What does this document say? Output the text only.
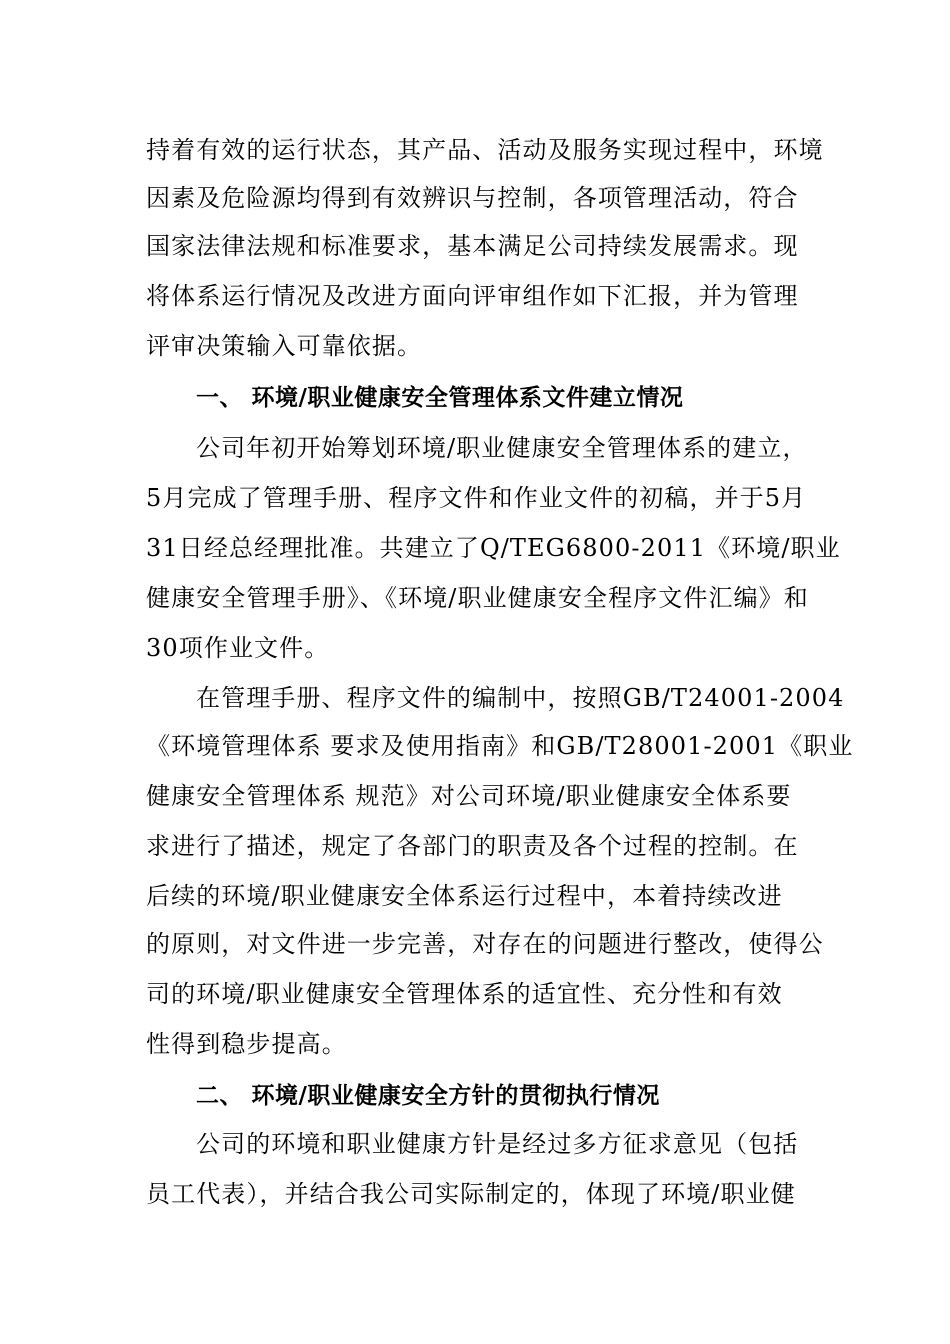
持着有效的运行状态，其产品、活动及服务实现过程中，环境
因素及危险源均得到有效辨识与控制，各项管理活动，符合
国家法律法规和标准要求，基本满足公司持续发展需求。现
将体系运行情况及改进方面向评审组作如下汇报，并为管理
评审决策输入可靠依据。
一、 环境/职业健康安全管理体系文件建立情况
公司年初开始筹划环境/职业健康安全管理体系的建立，
5月完成了管理手册、程序文件和作业文件的初稿，并于5月
31日经总经理批准。共建立了Q/TEG6800-2011《环境/职业
健康安全管理手册》、《环境/职业健康安全程序文件汇编》和
30项作业文件。
在管理手册、程序文件的编制中，按照GB/T24001-2004
《环境管理体系 要求及使用指南》和GB/T28001-2001《职业
健康安全管理体系 规范》对公司环境/职业健康安全体系要
求进行了描述，规定了各部门的职责及各个过程的控制。在
后续的环境/职业健康安全体系运行过程中，本着持续改进
的原则，对文件进一步完善，对存在的问题进行整改，使得公
司的环境/职业健康安全管理体系的适宜性、充分性和有效
性得到稳步提高。
二、 环境/职业健康安全方针的贯彻执行情况
公司的环境和职业健康方针是经过多方征求意见（包括
员工代表），并结合我公司实际制定的，体现了环境/职业健
